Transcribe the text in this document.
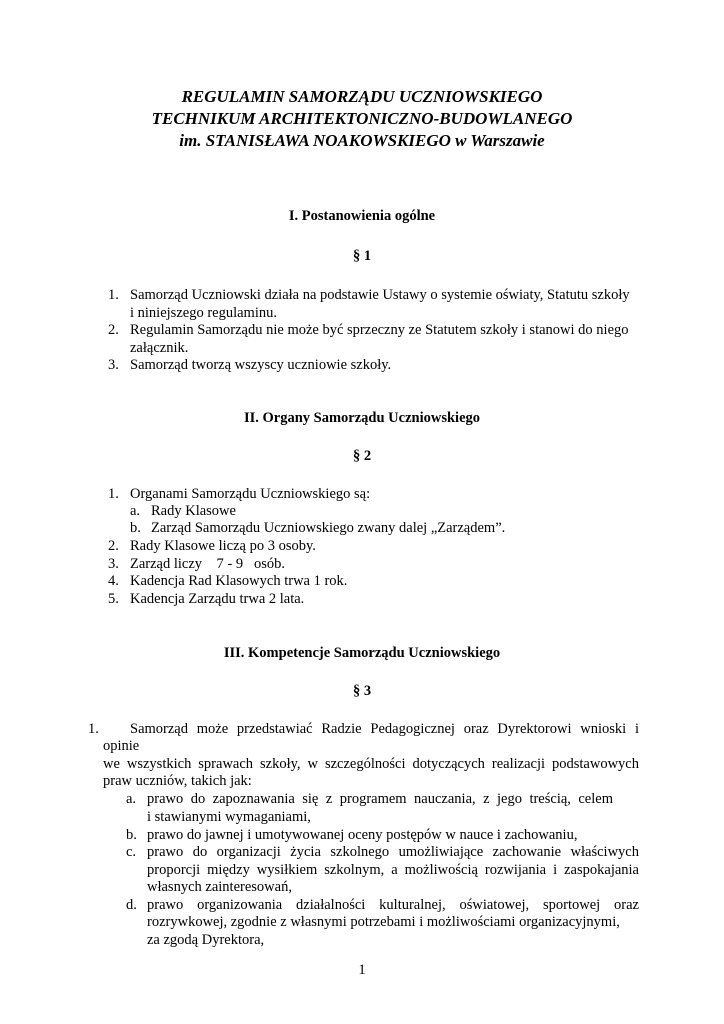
REGULAMIN SAMORZĄDU UCZNIOWSKIEGO
TECHNIKUM ARCHITEKTONICZNO-BUDOWLANEGO
im. STANISŁAWA NOAKOWSKIEGO w Warszawie
I. Postanowienia ogólne
§ 1
1. Samorząd Uczniowski działa na podstawie Ustawy o systemie oświaty, Statutu szkoły
i niniejszego regulaminu.
2. Regulamin Samorządu nie może być sprzeczny ze Statutem szkoły i stanowi do niego
załącznik.
3. Samorząd tworzą wszyscy uczniowie szkoły.
II. Organy Samorządu Uczniowskiego
§ 2
1. Organami Samorządu Uczniowskiego są:
a. Rady Klasowe
b. Zarząd Samorządu Uczniowskiego zwany dalej „Zarządem”.
2. Rady Klasowe liczą po 3 osoby.
3. Zarząd liczy    7 - 9   osób.
4. Kadencja Rad Klasowych trwa 1 rok.
5. Kadencja Zarządu trwa 2 lata.
III. Kompetencje Samorządu Uczniowskiego
§ 3
1. Samorząd może przedstawiać Radzie Pedagogicznej oraz Dyrektorowi wnioski i
opinie
we wszystkich sprawach szkoły, w szczególności dotyczących realizacji podstawowych
praw uczniów, takich jak:
a. prawo do zapoznawania się z programem nauczania, z jego treścią, celem
i stawianymi wymaganiami,
b. prawo do jawnej i umotywowanej oceny postępów w nauce i zachowaniu,
c. prawo do organizacji życia szkolnego umożliwiające zachowanie właściwych
proporcji między wysiłkiem szkolnym, a możliwością rozwijania i zaspokajania
własnych zainteresowań,
d. prawo organizowania działalności kulturalnej, oświatowej, sportowej oraz
rozrywkowej, zgodnie z własnymi potrzebami i możliwościami organizacyjnymi,
za zgodą Dyrektora,
1
